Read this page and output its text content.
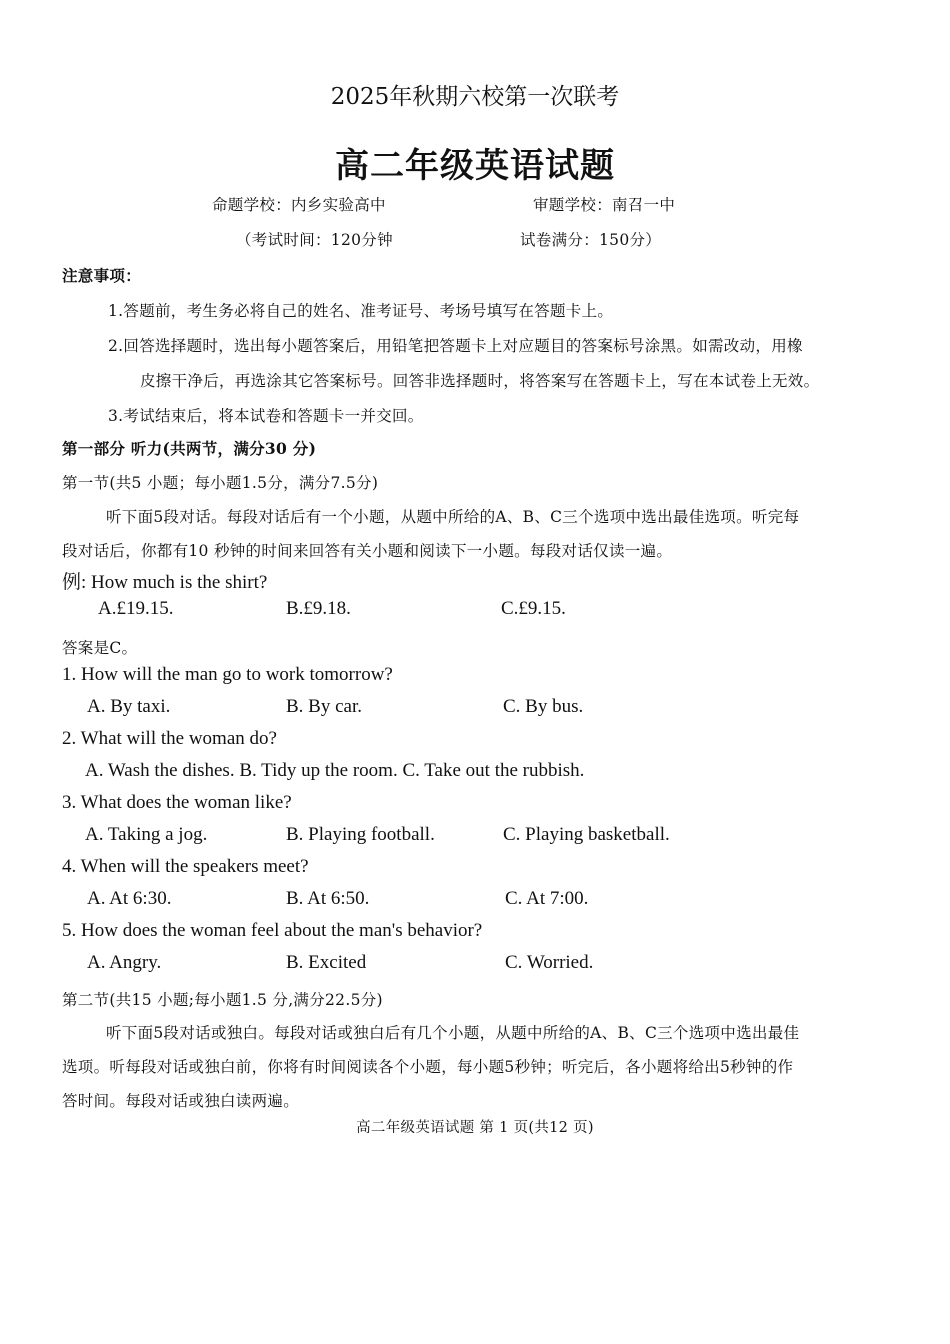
2025年秋期六校第一次联考
高二年级英语试题
命题学校：内乡实验高中	审题学校：南召一中
（考试时间：120分钟	试卷满分：150分）
注意事项：
1.答题前，考生务必将自己的姓名、准考证号、考场号填写在答题卡上。
2.回答选择题时，选出每小题答案后，用铅笔把答题卡上对应题目的答案标号涂黑。如需改动，用橡
皮擦干净后，再选涂其它答案标号。回答非选择题时，将答案写在答题卡上，写在本试卷上无效。
3.考试结束后，将本试卷和答题卡一并交回。
第一部分 听力(共两节，满分30 分)
第一节(共5 小题；每小题1.5分，满分7.5分)
听下面5段对话。每段对话后有一个小题，从题中所给的A、B、C三个选项中选出最佳选项。听完每
段对话后，你都有10 秒钟的时间来回答有关小题和阅读下一小题。每段对话仅读一遍。
例: How much is the shirt?
A.£19.15.	B.£9.18.	C.£9.15.
答案是C。
1. How will the man go to work tomorrow?
A. By taxi.	B. By car.	C. By bus.
2. What will the woman do?
A. Wash the dishes. B. Tidy up the room. C. Take out the rubbish.
3. What does the woman like?
A. Taking a jog.	B. Playing football.	C. Playing basketball.
4. When will the speakers meet?
A. At 6:30.	B. At 6:50.	C. At 7:00.
5. How does the woman feel about the man's behavior?
A. Angry.	B. Excited	C. Worried.
第二节(共15 小题;每小题1.5 分,满分22.5分)
听下面5段对话或独白。每段对话或独白后有几个小题，从题中所给的A、B、C三个选项中选出最佳
选项。听每段对话或独白前，你将有时间阅读各个小题，每小题5秒钟；听完后，各小题将给出5秒钟的作
答时间。每段对话或独白读两遍。
高二年级英语试题 第 1 页(共12 页)
